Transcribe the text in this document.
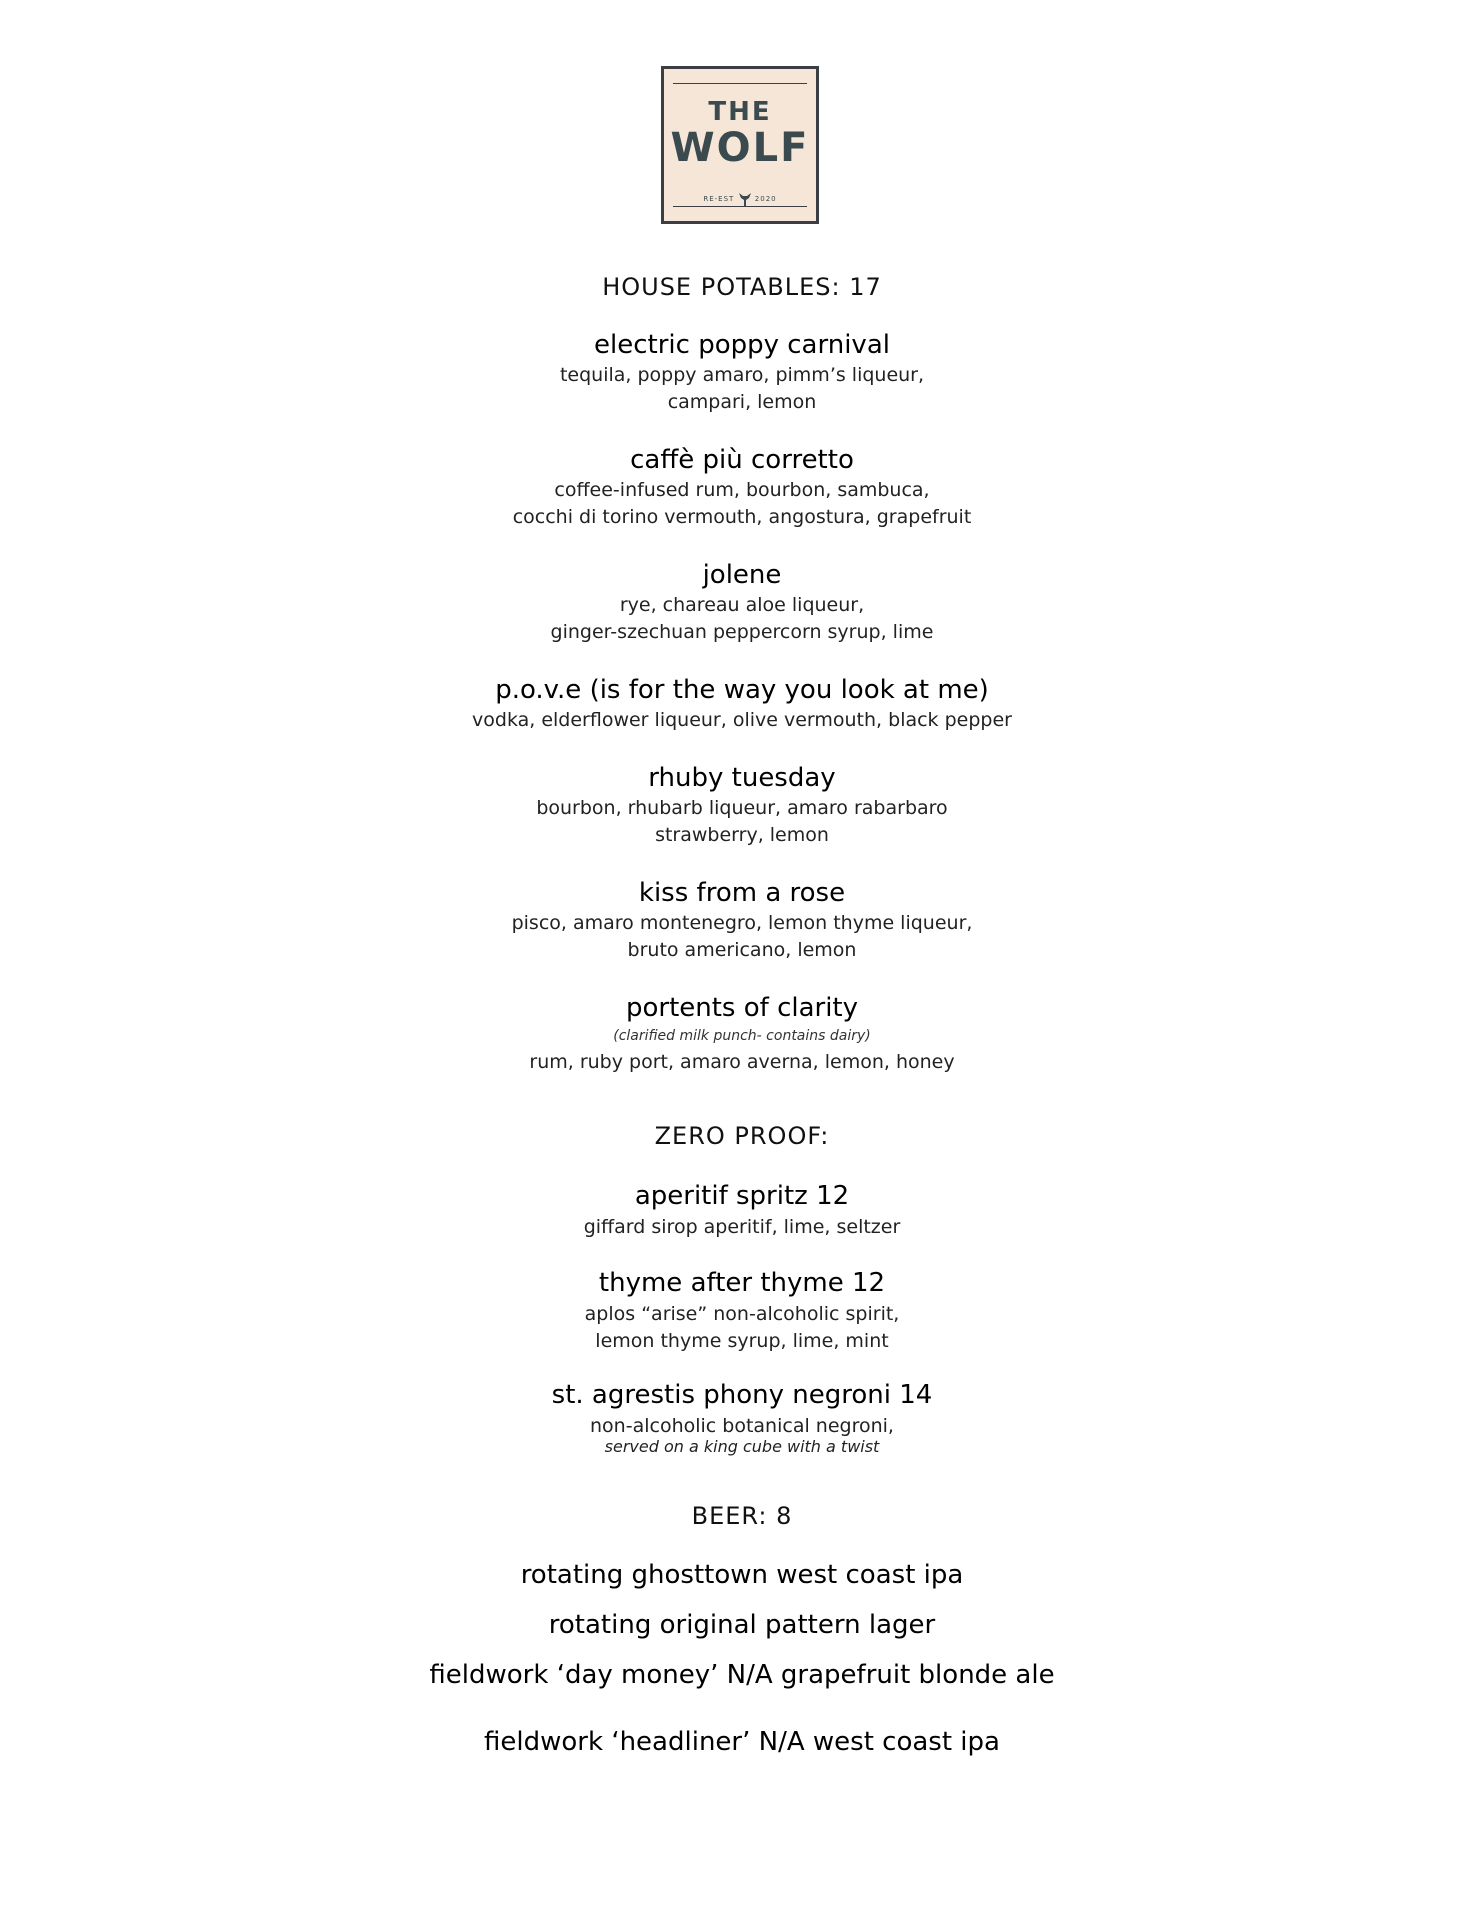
THE
WOLF
RE-EST	2020
HOUSE POTABLES: 17
electric poppy carnival
tequila, poppy amaro, pimm’s liqueur,
campari, lemon
caffè più corretto
coffee-infused rum, bourbon, sambuca,
cocchi di torino vermouth, angostura, grapefruit
jolene
rye, chareau aloe liqueur,
ginger-szechuan peppercorn syrup, lime
p.o.v.e (is for the way you look at me)
vodka, elderflower liqueur, olive vermouth, black pepper
rhuby tuesday
bourbon, rhubarb liqueur, amaro rabarbaro
strawberry, lemon
kiss from a rose
pisco, amaro montenegro, lemon thyme liqueur,
bruto americano, lemon
portents of clarity
(clarified milk punch- contains dairy)
rum, ruby port, amaro averna, lemon, honey
ZERO PROOF:
aperitif spritz 12
giffard sirop aperitif, lime, seltzer
thyme after thyme 12
aplos “arise” non-alcoholic spirit,
lemon thyme syrup, lime, mint
st. agrestis phony negroni 14
non-alcoholic botanical negroni,
served on a king cube with a twist
BEER: 8
rotating ghosttown west coast ipa
rotating original pattern lager
fieldwork ‘day money’ N/A grapefruit blonde ale
fieldwork ‘headliner’ N/A west coast ipa
